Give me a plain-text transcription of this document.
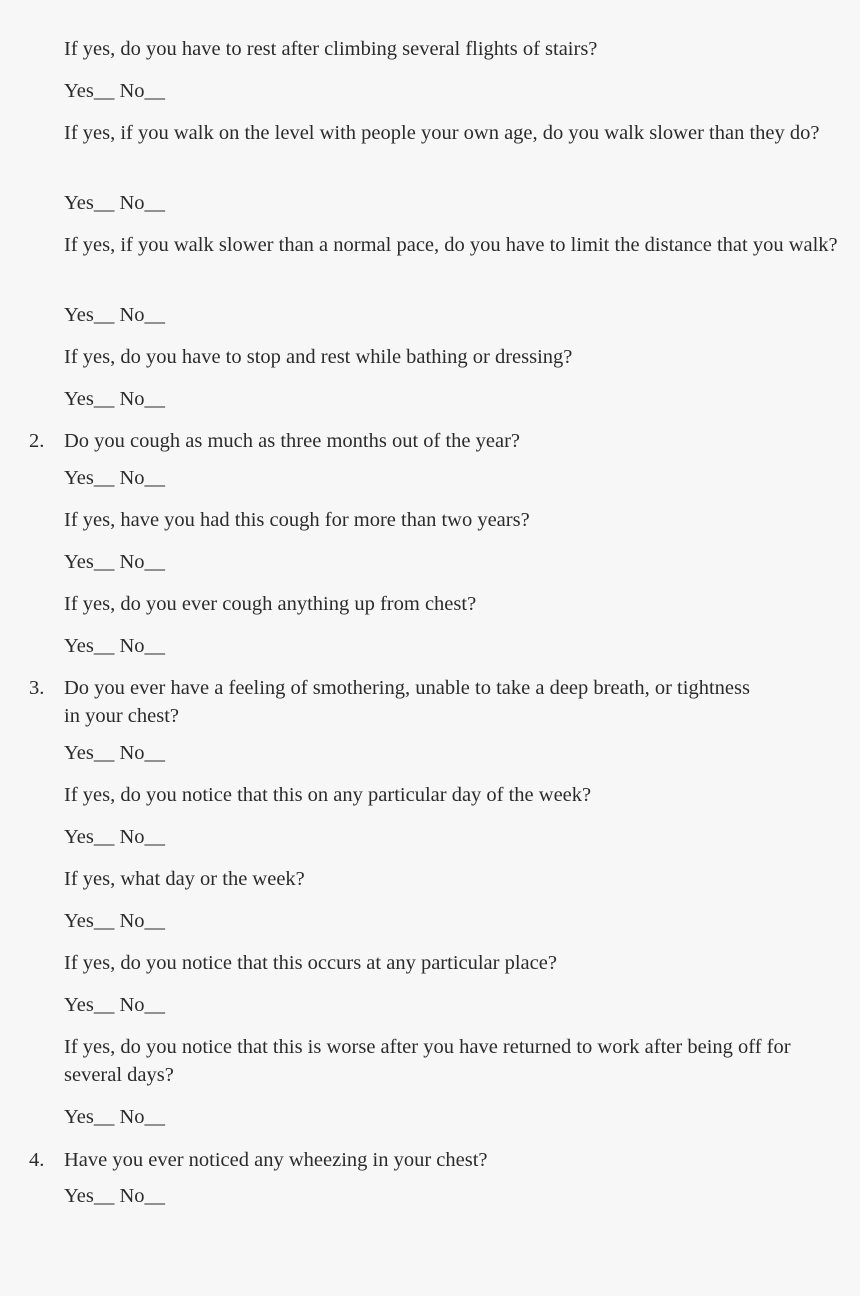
If yes, do you have to rest after climbing several flights of stairs?

Yes__ No__

If yes, if you walk on the level with people your own age, do you walk slower than they do?

Yes__ No__

If yes, if you walk slower than a normal pace, do you have to limit the distance that you walk?

Yes__ No__

If yes, do you have to stop and rest while bathing or dressing?

Yes__ No__

2. Do you cough as much as three months out of the year?

Yes__ No__

If yes, have you had this cough for more than two years?

Yes__ No__

If yes, do you ever cough anything up from chest?

Yes__ No__

3. Do you ever have a feeling of smothering, unable to take a deep breath, or tightness in your chest?

Yes__ No__

If yes, do you notice that this on any particular day of the week?

Yes__ No__

If yes, what day or the week?

Yes__ No__

If yes, do you notice that this occurs at any particular place?

Yes__ No__

If yes, do you notice that this is worse after you have returned to work after being off for several days?

Yes__ No__

4. Have you ever noticed any wheezing in your chest?

Yes__ No__
